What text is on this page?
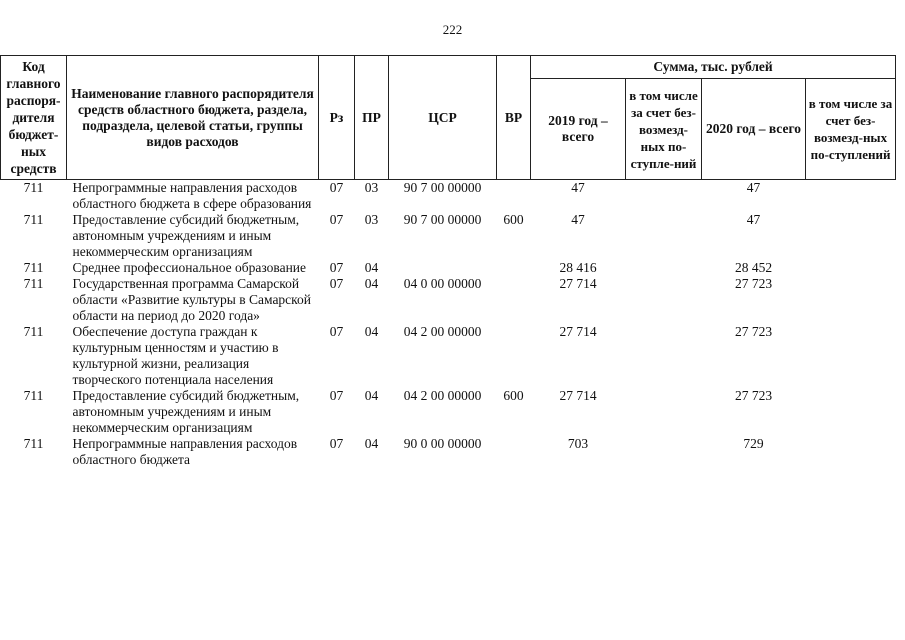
222
Код главного распоря-дителя бюджет-ных средств	Наименование главного распорядителя средств областного бюджета, раздела, подраздела, целевой статьи, группы видов расходов	Рз	ПР	ЦСР	ВР	Сумма, тыс. рублей			
						2019 год – всего	в том числе за счет без-возмезд-ных по-ступле-ний	2020 год – всего	в том числе за счет без-возмезд-ных по-ступлений
711	Непрограммные направления расходов областного бюджета в сфере образования	07	03	90 7 00 00000		47		47	
711	Предоставление субсидий бюджетным, автономным учреждениям и иным некоммерческим организациям	07	03	90 7 00 00000	600	47		47	
711	Среднее профессиональное образование	07	04			28 416		28 452	
711	Государственная программа Самарской области «Развитие культуры в Самарской области на период до 2020 года»	07	04	04 0 00 00000		27 714		27 723	
711	Обеспечение доступа граждан к культурным ценностям и участию в культурной жизни, реализация творческого потенциала населения	07	04	04 2 00 00000		27 714		27 723	
711	Предоставление субсидий бюджетным, автономным учреждениям и иным некоммерческим организациям	07	04	04 2 00 00000	600	27 714		27 723	
711	Непрограммные направления расходов областного бюджета	07	04	90 0 00 00000		703		729	
